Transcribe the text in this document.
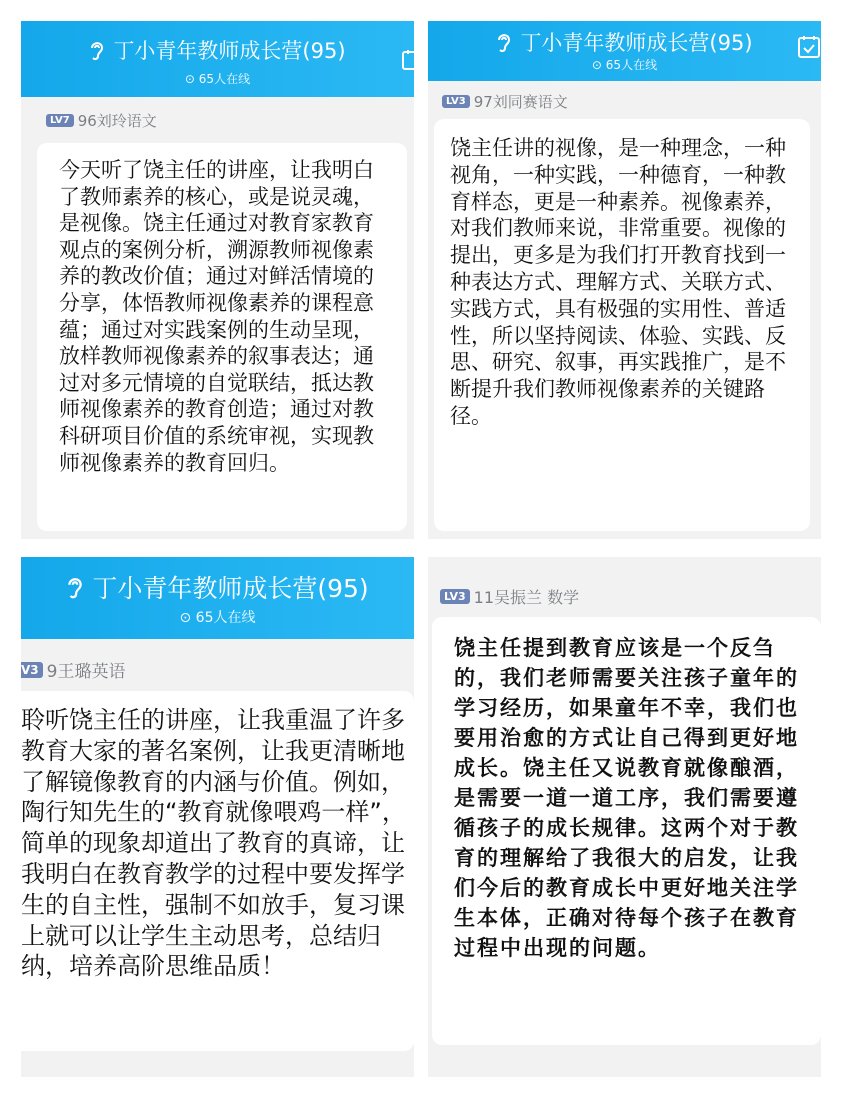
丁小青年教师成长营(95)
⊙ 65人在线
LV7 96刘玲语文
今天听了饶主任的讲座，让我明白了教师素养的核心，或是说灵魂，是视像。饶主任通过对教育家教育观点的案例分析，溯源教师视像素养的教改价值；通过对鲜活情境的分享，体悟教师视像素养的课程意蕴；通过对实践案例的生动呈现，放样教师视像素养的叙事表达；通过对多元情境的自觉联结，抵达教师视像素养的教育创造；通过对教科研项目价值的系统审视，实现教师视像素养的教育回归。
丁小青年教师成长营(95)
⊙ 65人在线
LV3 97刘同赛语文
饶主任讲的视像，是一种理念，一种视角，一种实践，一种德育，一种教育样态，更是一种素养。视像素养，对我们教师来说，非常重要。视像的提出，更多是为我们打开教育找到一种表达方式、理解方式、关联方式、实践方式，具有极强的实用性、普适性，所以坚持阅读、体验、实践、反思、研究、叙事，再实践推广，是不断提升我们教师视像素养的关键路径。
丁小青年教师成长营(95)
⊙ 65人在线
V3 9王璐英语
聆听饶主任的讲座，让我重温了许多教育大家的著名案例，让我更清晰地了解镜像教育的内涵与价值。例如，陶行知先生的“教育就像喂鸡一样”，简单的现象却道出了教育的真谛，让我明白在教育教学的过程中要发挥学生的自主性，强制不如放手，复习课上就可以让学生主动思考，总结归纳，培养高阶思维品质！
LV3 11吴振兰 数学
饶主任提到教育应该是一个反刍的，我们老师需要关注孩子童年的学习经历，如果童年不幸，我们也要用治愈的方式让自己得到更好地成长。饶主任又说教育就像酿酒，是需要一道一道工序，我们需要遵循孩子的成长规律。这两个对于教育的理解给了我很大的启发，让我们今后的教育成长中更好地关注学生本体，正确对待每个孩子在教育过程中出现的问题。
